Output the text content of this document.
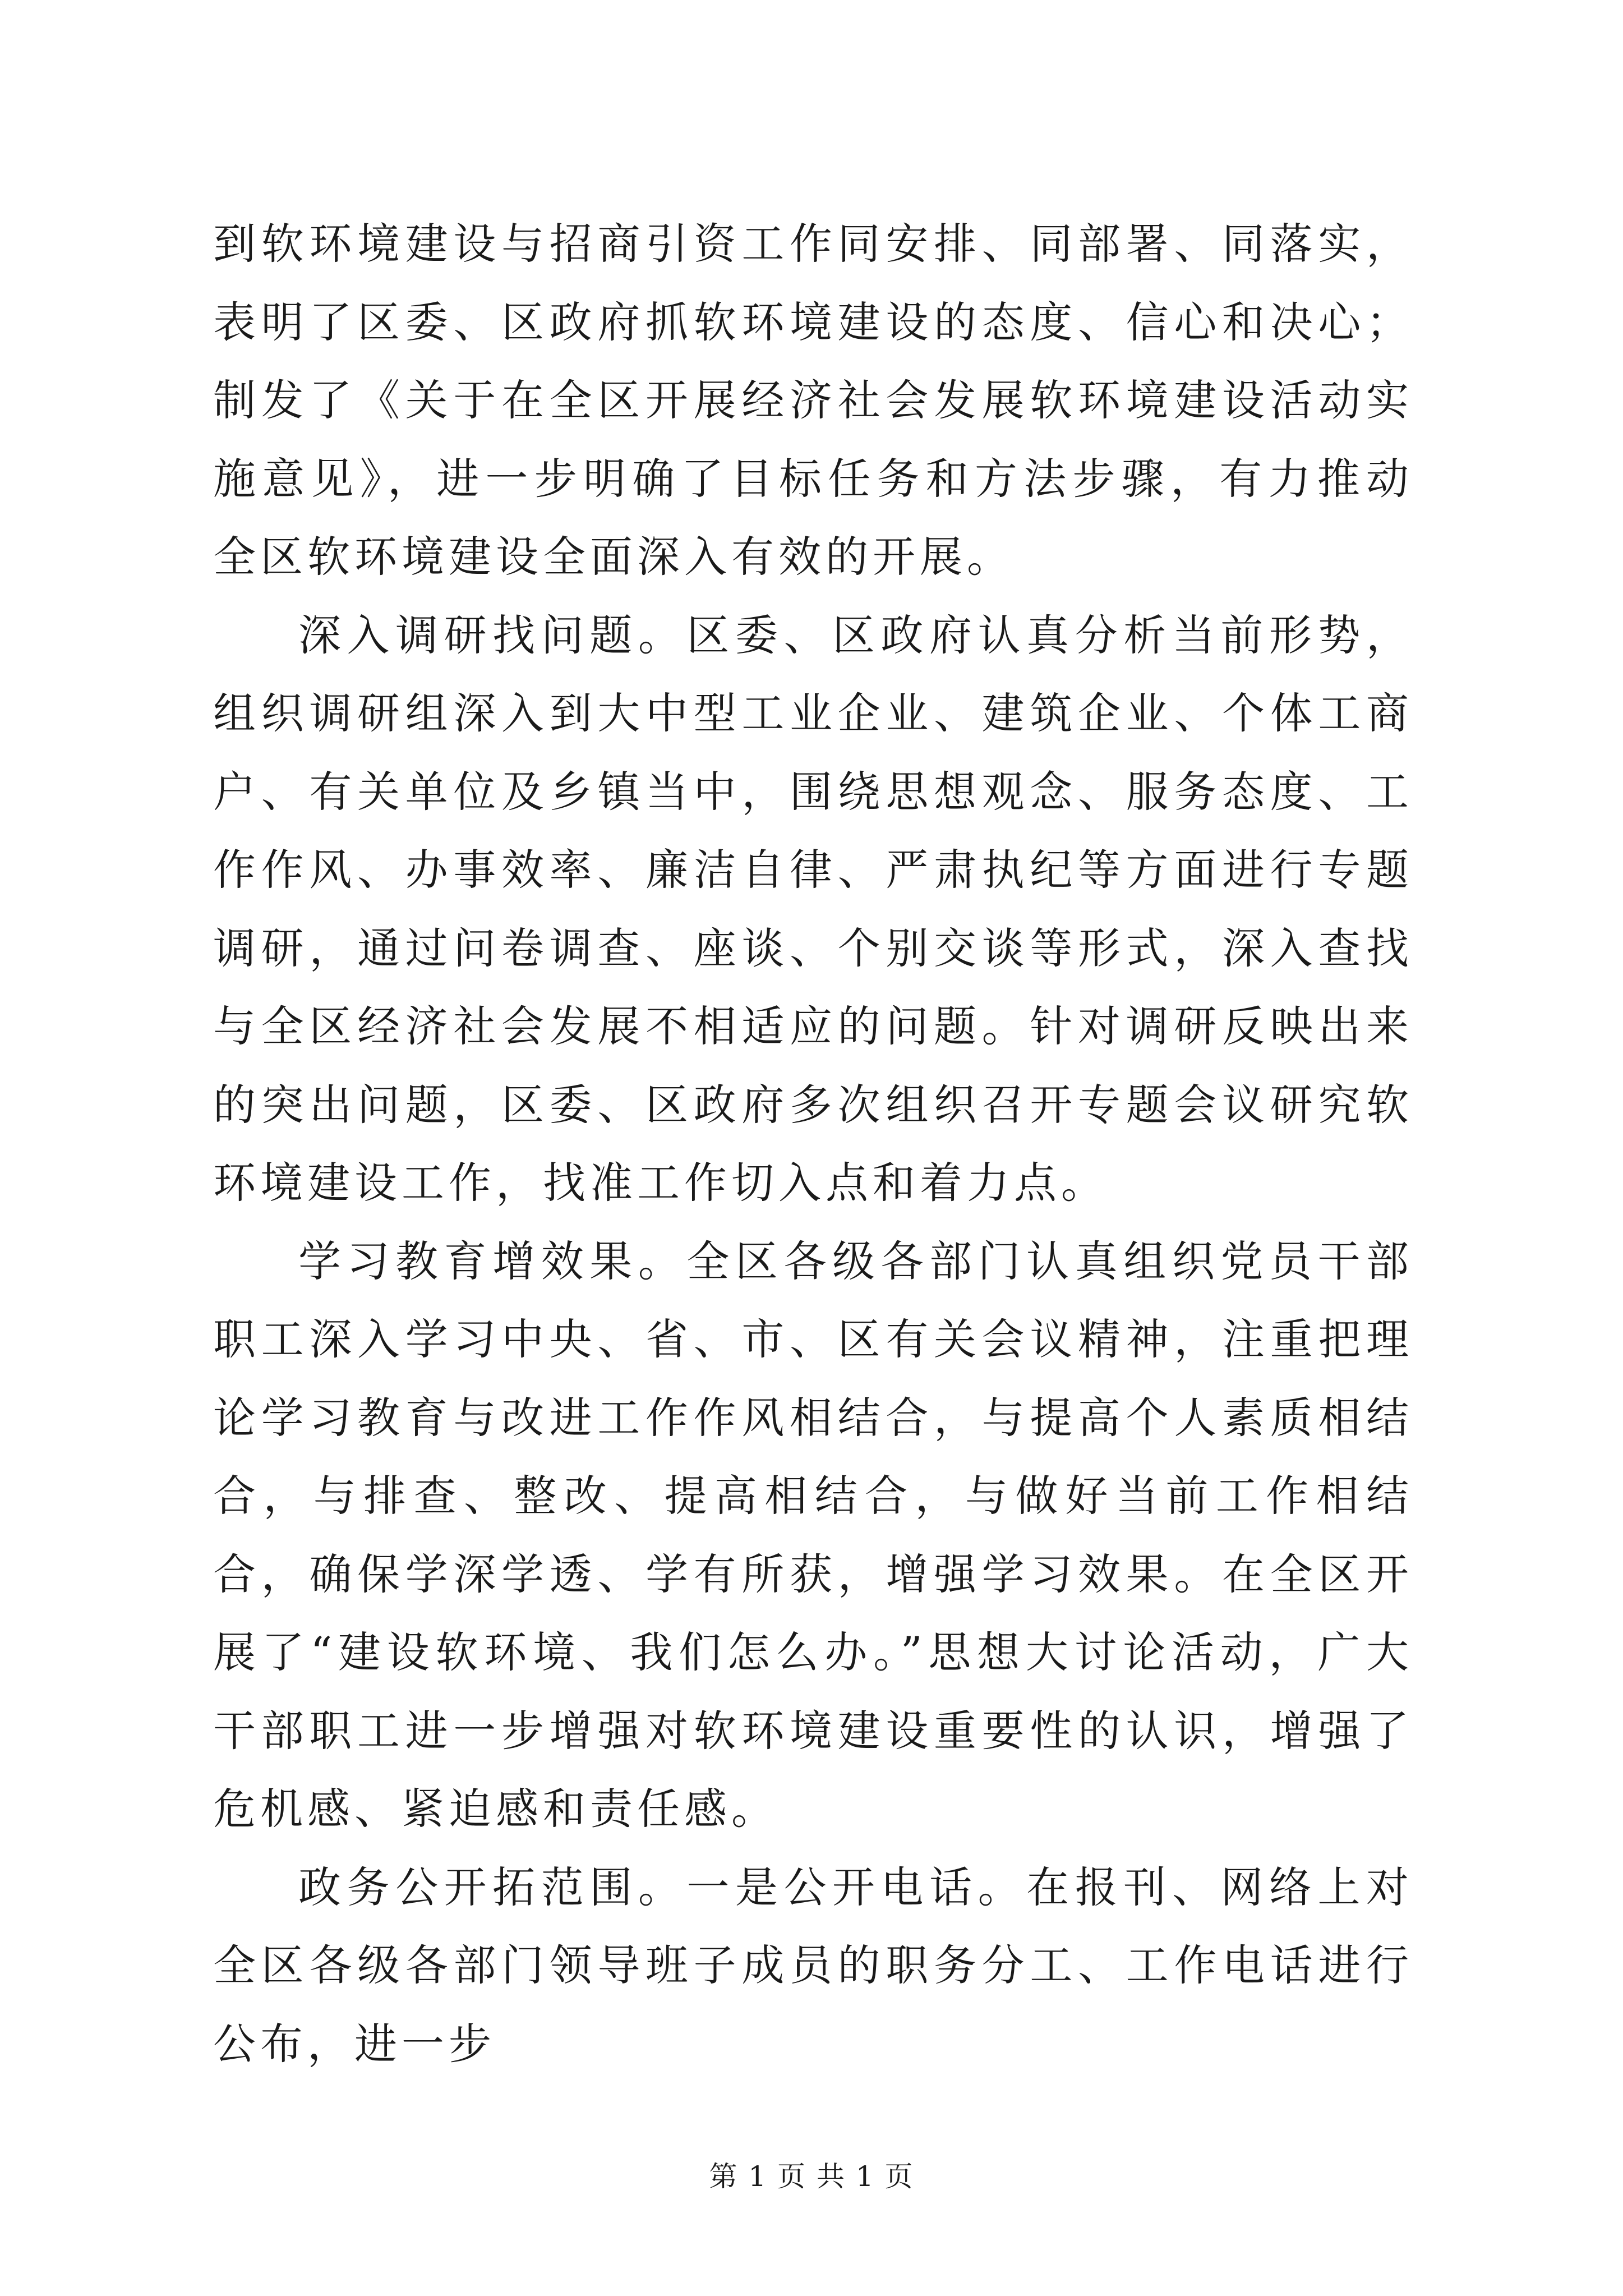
到软环境建设与招商引资工作同安排、同部署、同落实，表明了区委、区政府抓软环境建设的态度、信心和决心；制发了《关于在全区开展经济社会发展软环境建设活动实施意见》，进一步明确了目标任务和方法步骤，有力推动全区软环境建设全面深入有效的开展。

深入调研找问题。区委、区政府认真分析当前形势，组织调研组深入到大中型工业企业、建筑企业、个体工商户、有关单位及乡镇当中，围绕思想观念、服务态度、工作作风、办事效率、廉洁自律、严肃执纪等方面进行专题调研，通过问卷调查、座谈、个别交谈等形式，深入查找与全区经济社会发展不相适应的问题。针对调研反映出来的突出问题，区委、区政府多次组织召开专题会议研究软环境建设工作，找准工作切入点和着力点。

学习教育增效果。全区各级各部门认真组织党员干部职工深入学习中央、省、市、区有关会议精神，注重把理论学习教育与改进工作作风相结合，与提高个人素质相结合，与排查、整改、提高相结合，与做好当前工作相结合，确保学深学透、学有所获，增强学习效果。在全区开展了“建设软环境、我们怎么办。”思想大讨论活动，广大干部职工进一步增强对软环境建设重要性的认识，增强了危机感、紧迫感和责任感。

政务公开拓范围。一是公开电话。在报刊、网络上对全区各级各部门领导班子成员的职务分工、工作电话进行公布，进一步

第 1 页 共 1 页
